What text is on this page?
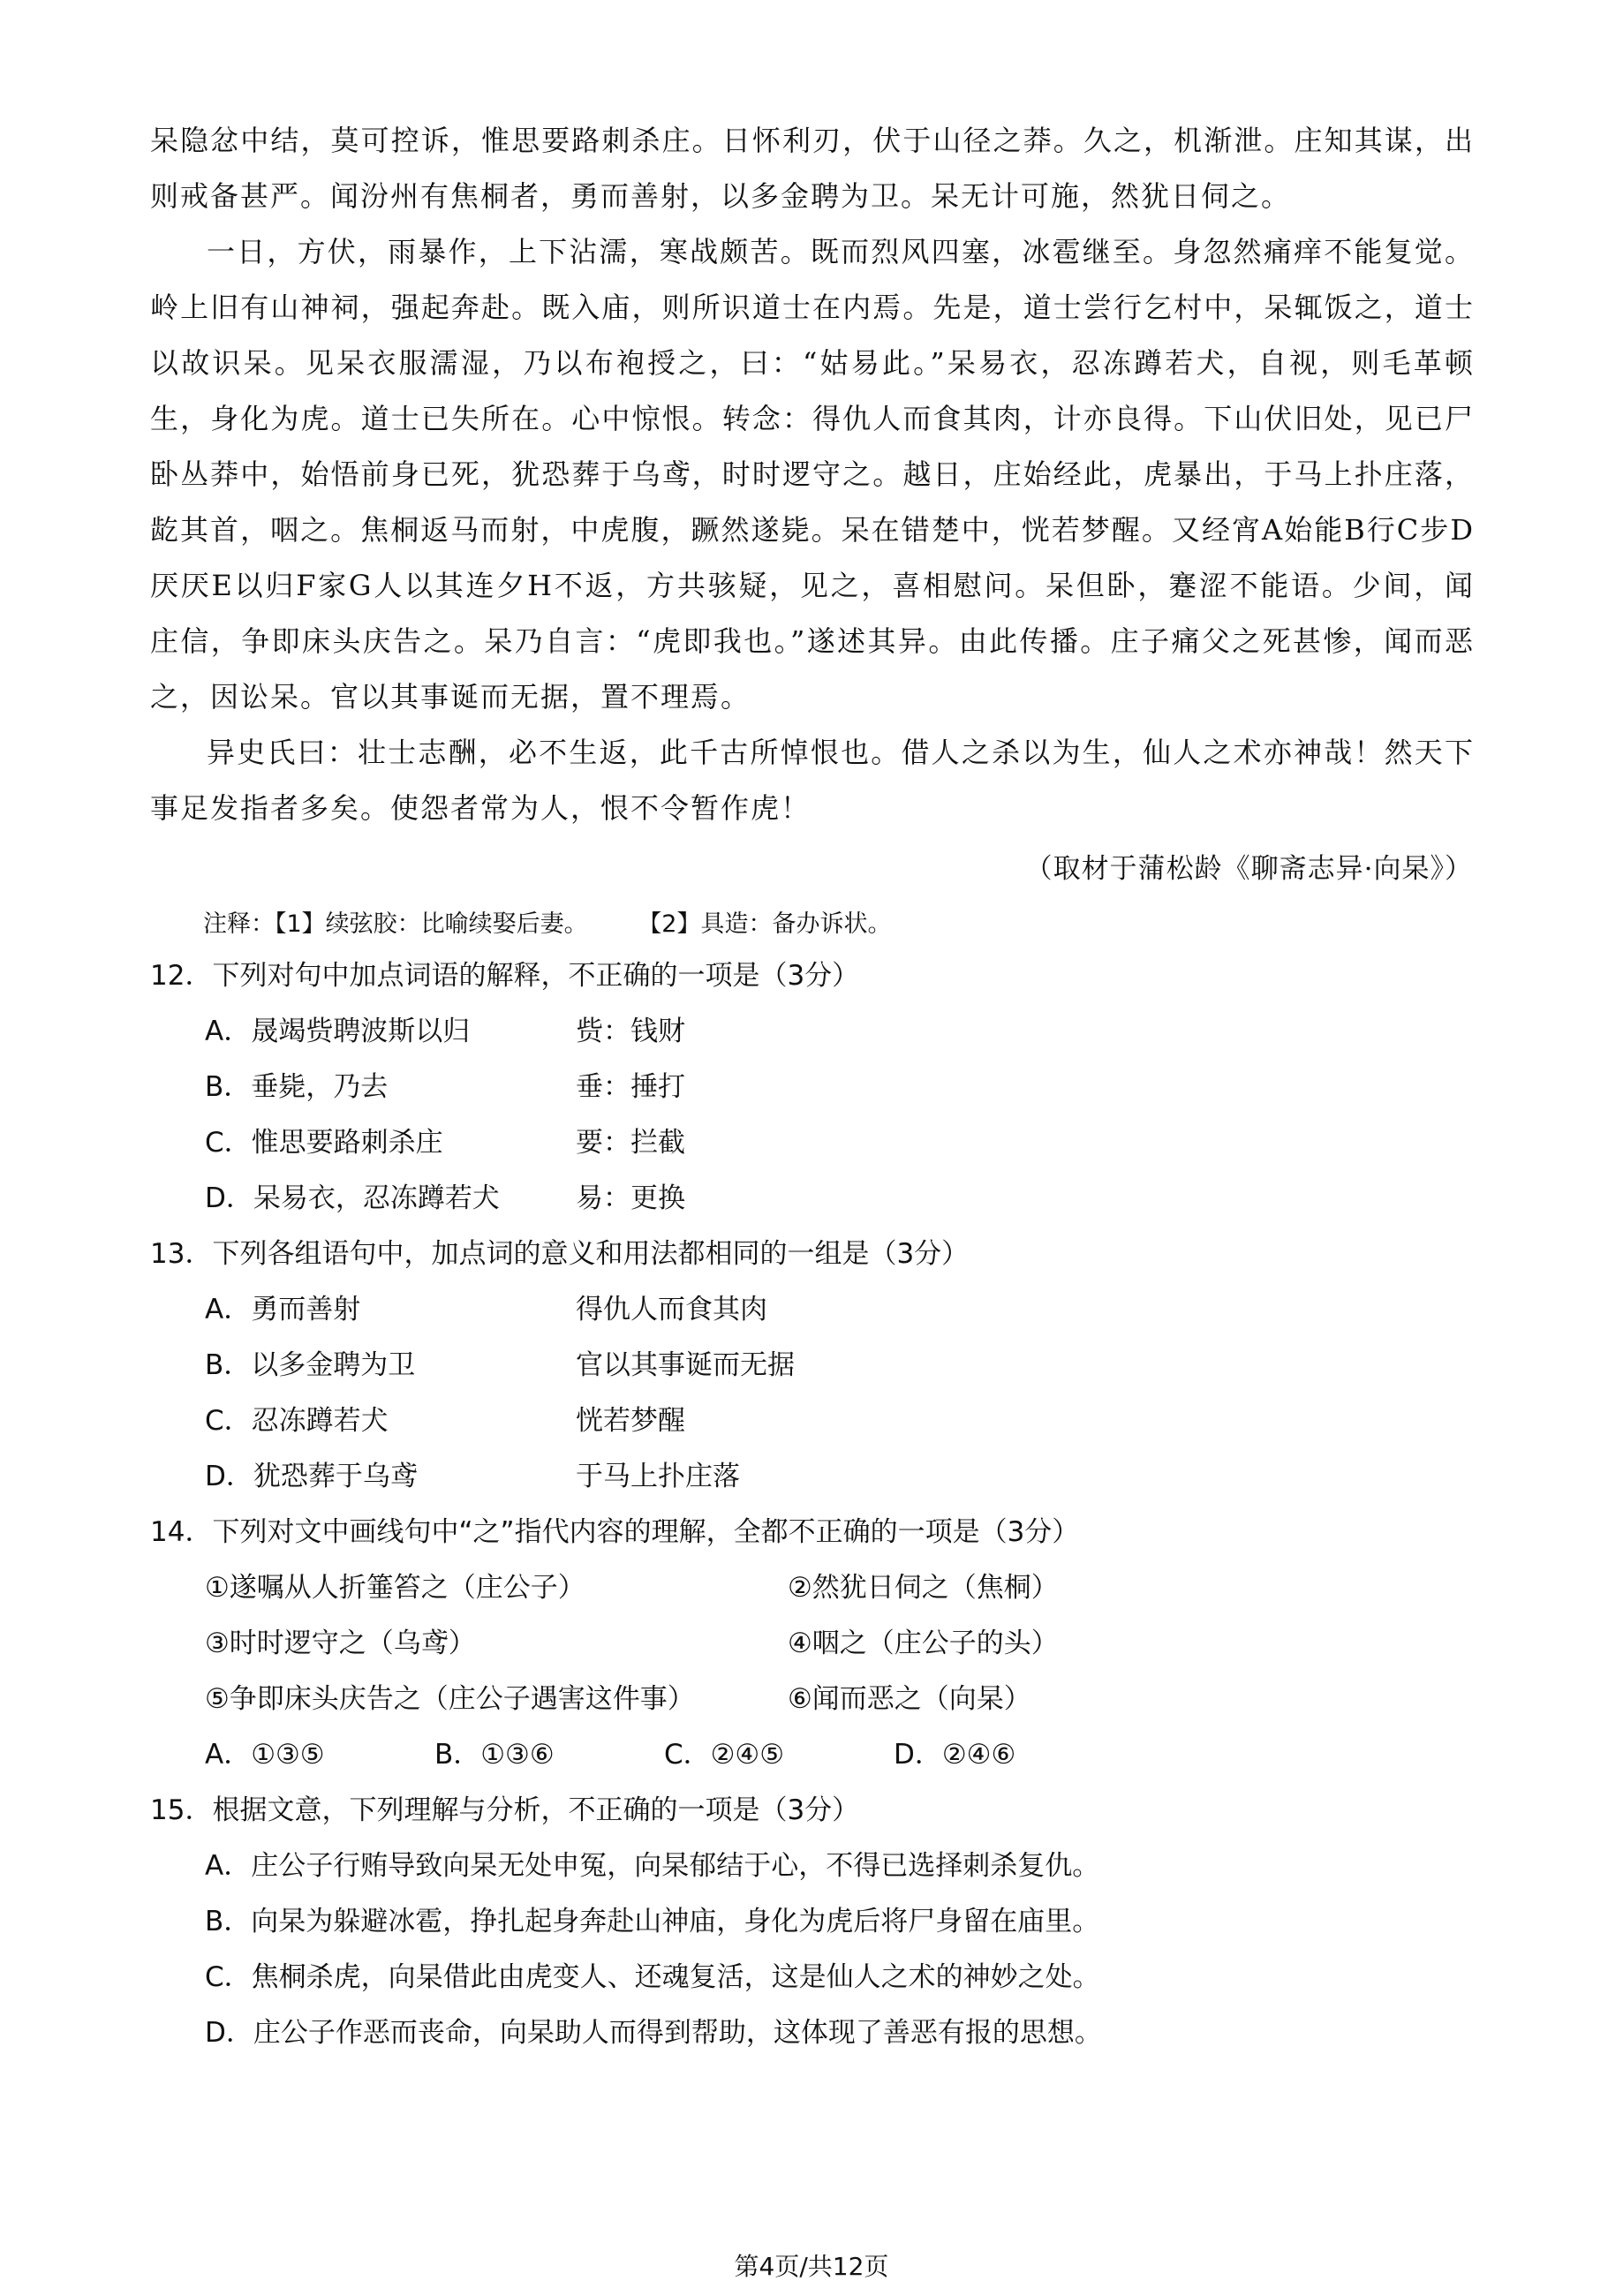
呆隐忿中结，莫可控诉，惟思要路刺杀庄。日怀利刃，伏于山径之莽。久之，机渐泄。庄知其谋，出则戒备甚严。闻汾州有焦桐者，勇而善射，以多金聘为卫。呆无计可施，然犹日伺之。

一日，方伏，雨暴作，上下沾濡，寒战颇苦。既而烈风四塞，冰雹继至。身忽然痛痒不能复觉。岭上旧有山神祠，强起奔赴。既入庙，则所识道士在内焉。先是，道士尝行乞村中，呆辄饭之，道士以故识呆。见呆衣服濡湿，乃以布袍授之，曰：“姑易此。”呆易衣，忍冻蹲若犬，自视，则毛革顿生，身化为虎。道士已失所在。心中惊恨。转念：得仇人而食其肉，计亦良得。下山伏旧处，见已尸卧丛莽中，始悟前身已死，犹恐葬于乌鸢，时时逻守之。越日，庄始经此，虎暴出，于马上扑庄落，龁其首，咽之。焦桐返马而射，中虎腹，蹶然遂毙。呆在错楚中，恍若梦醒。又经宵A始能B行C步D厌厌E以归F家G人以其连夕H不返，方共骇疑，见之，喜相慰问。呆但卧，蹇涩不能语。少间，闻庄信，争即床头庆告之。呆乃自言：“虎即我也。”遂述其异。由此传播。庄子痛父之死甚惨，闻而恶之，因讼呆。官以其事诞而无据，置不理焉。

异史氏曰：壮士志酬，必不生返，此千古所悼恨也。借人之杀以为生，仙人之术亦神哉！然天下事足发指者多矣。使怨者常为人，恨不令暂作虎！

（取材于蒲松龄《聊斋志异·向杲》）
注释：【1】续弦胶：比喻续娶后妻。 【2】具造：备办诉状。

12．下列对句中加点词语的解释，不正确的一项是（3分）

A．晟竭赀聘波斯以归	赀：钱财
B．垂毙，乃去	垂：捶打
C．惟思要路刺杀庄	要：拦截
D．呆易衣，忍冻蹲若犬	易：更换

13．下列各组语句中，加点词的意义和用法都相同的一组是（3分）

A．勇而善射	得仇人而食其肉
B．以多金聘为卫	官以其事诞而无据
C．忍冻蹲若犬	恍若梦醒
D．犹恐葬于乌鸢	于马上扑庄落

14．下列对文中画线句中“之”指代内容的理解，全都不正确的一项是（3分）

①遂嘱从人折箠笞之（庄公子）	②然犹日伺之（焦桐）
③时时逻守之（乌鸢）	④咽之（庄公子的头）
⑤争即床头庆告之（庄公子遇害这件事）	⑥闻而恶之（向杲）
A．①③⑤	B．①③⑥	C．②④⑤	D．②④⑥

15．根据文意，下列理解与分析，不正确的一项是（3分）

A．庄公子行贿导致向杲无处申冤，向杲郁结于心，不得已选择刺杀复仇。
B．向杲为躲避冰雹，挣扎起身奔赴山神庙，身化为虎后将尸身留在庙里。
C．焦桐杀虎，向杲借此由虎变人、还魂复活，这是仙人之术的神妙之处。
D．庄公子作恶而丧命，向杲助人而得到帮助，这体现了善恶有报的思想。
第4页/共12页
